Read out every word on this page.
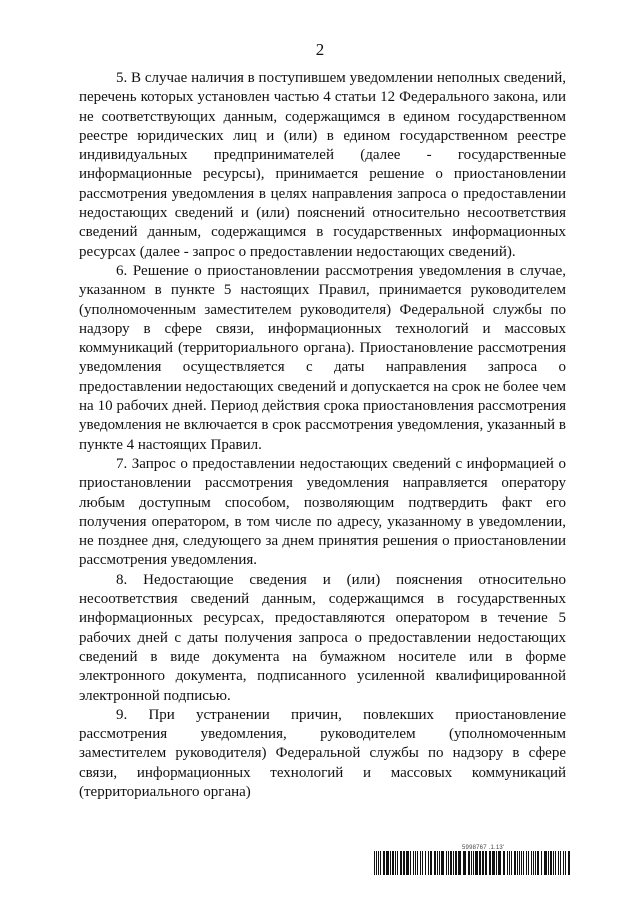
2

5. В случае наличия в поступившем уведомлении неполных сведений, перечень которых установлен частью 4 статьи 12 Федерального закона, или не соответствующих данным, содержащимся в едином государственном реестре юридических лиц и (или) в едином государственном реестре индивидуальных предпринимателей (далее - государственные информационные ресурсы), принимается решение о приостановлении рассмотрения уведомления в целях направления запроса о предоставлении недостающих сведений и (или) пояснений относительно несоответствия сведений данным, содержащимся в государственных информационных ресурсах (далее - запрос о предоставлении недостающих сведений).

6. Решение о приостановлении рассмотрения уведомления в случае, указанном в пункте 5 настоящих Правил, принимается руководителем (уполномоченным заместителем руководителя) Федеральной службы по надзору в сфере связи, информационных технологий и массовых коммуникаций (территориального органа). Приостановление рассмотрения уведомления осуществляется с даты направления запроса о предоставлении недостающих сведений и допускается на срок не более чем на 10 рабочих дней. Период действия срока приостановления рассмотрения уведомления не включается в срок рассмотрения уведомления, указанный в пункте 4 настоящих Правил.

7. Запрос о предоставлении недостающих сведений с информацией о приостановлении рассмотрения уведомления направляется оператору любым доступным способом, позволяющим подтвердить факт его получения оператором, в том числе по адресу, указанному в уведомлении, не позднее дня, следующего за днем принятия решения о приостановлении рассмотрения уведомления.

8. Недостающие сведения и (или) пояснения относительно несоответствия сведений данным, содержащимся в государственных информационных ресурсах, предоставляются оператором в течение 5 рабочих дней с даты получения запроса о предоставлении недостающих сведений в виде документа на бумажном носителе или в форме электронного документа, подписанного усиленной квалифицированной электронной подписью.

9. При устранении причин, повлекших приостановление рассмотрения уведомления, руководителем (уполномоченным заместителем руководителя) Федеральной службы по надзору в сфере связи, информационных технологий и массовых коммуникаций (территориального органа)

5998767 .1.13'
